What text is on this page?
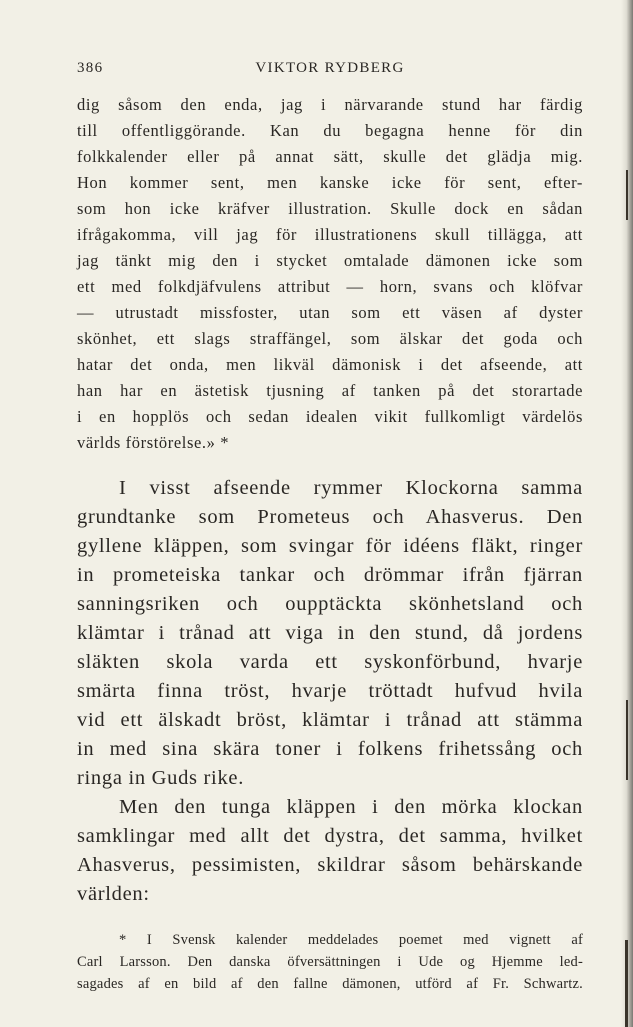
386	VIKTOR RYDBERG
dig såsom den enda, jag i närvarande stund har färdig
till offentliggörande. Kan du begagna henne för din
folkkalender eller på annat sätt, skulle det glädja mig.
Hon kommer sent, men kanske icke för sent, efter-
som hon icke kräfver illustration. Skulle dock en sådan
ifrågakomma, vill jag för illustrationens skull tillägga, att
jag tänkt mig den i stycket omtalade dämonen icke som
ett med folkdjäfvulens attribut — horn, svans och klöfvar
— utrustadt missfoster, utan som ett väsen af dyster
skönhet, ett slags straffängel, som älskar det goda och
hatar det onda, men likväl dämonisk i det afseende, att
han har en ästetisk tjusning af tanken på det storartade
i en hopplös och sedan idealen vikit fullkomligt värdelös
världs förstörelse.» *
I visst afseende rymmer Klockorna samma
grundtanke som Prometeus och Ahasverus. Den
gyllene kläppen, som svingar för idéens fläkt, ringer
in prometeiska tankar och drömmar ifrån fjärran
sanningsriken och oupptäckta skönhetsland och
klämtar i trånad att viga in den stund, då jordens
släkten skola varda ett syskonförbund, hvarje
smärta finna tröst, hvarje tröttadt hufvud hvila
vid ett älskadt bröst, klämtar i trånad att stämma
in med sina skära toner i folkens frihetssång och
ringa in Guds rike.
Men den tunga kläppen i den mörka klockan
samklingar med allt det dystra, det samma, hvilket
Ahasverus, pessimisten, skildrar såsom behärskande
världen:
* I Svensk kalender meddelades poemet med vignett af
Carl Larsson. Den danska öfversättningen i Ude og Hjemme led-
sagades af en bild af den fallne dämonen, utförd af Fr. Schwartz.
